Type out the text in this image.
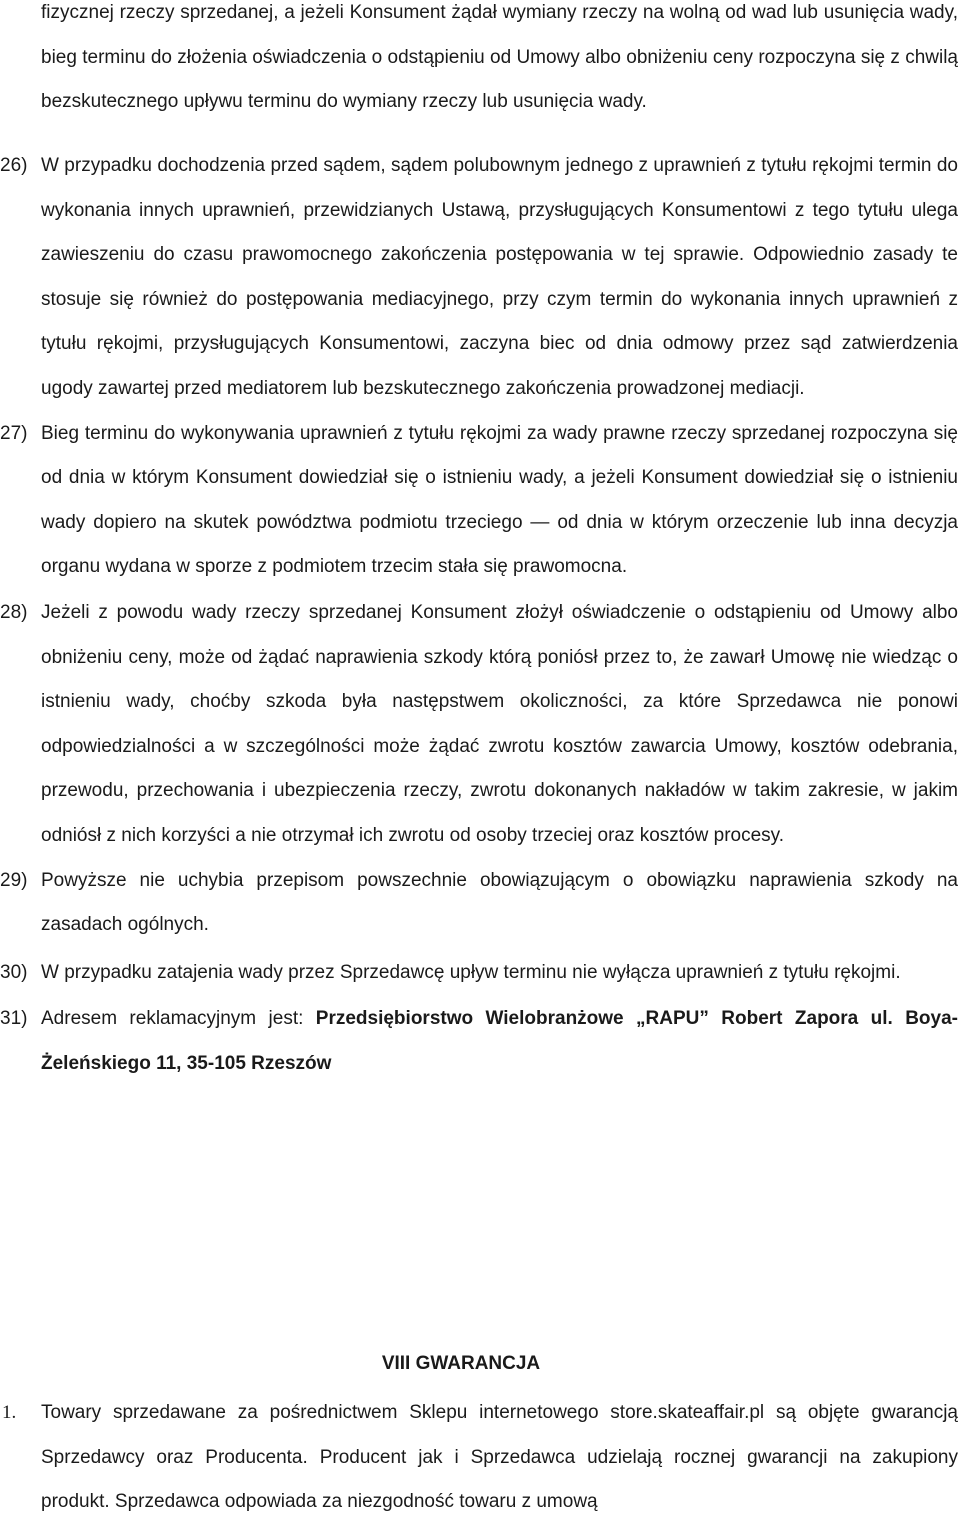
fizycznej rzeczy sprzedanej, a jeżeli Konsument żądał wymiany rzeczy na wolną od wad lub usunięcia wady, bieg terminu do złożenia oświadczenia o odstąpieniu od Umowy albo obniżeniu ceny rozpoczyna się z chwilą bezskutecznego upływu terminu do wymiany rzeczy lub usunięcia wady.
26) W przypadku dochodzenia przed sądem, sądem polubownym jednego z uprawnień z tytułu rękojmi termin do wykonania innych uprawnień, przewidzianych Ustawą, przysługujących Konsumentowi z tego tytułu ulega zawieszeniu do czasu prawomocnego zakończenia postępowania w tej sprawie. Odpowiednio zasady te stosuje się również do postępowania mediacyjnego, przy czym termin do wykonania innych uprawnień z tytułu rękojmi, przysługujących Konsumentowi, zaczyna biec od dnia odmowy przez sąd zatwierdzenia ugody zawartej przed mediatorem lub bezskutecznego zakończenia prowadzonej mediacji.
27) Bieg terminu do wykonywania uprawnień z tytułu rękojmi za wady prawne rzeczy sprzedanej rozpoczyna się od dnia w którym Konsument dowiedział się o istnieniu wady, a jeżeli Konsument dowiedział się o istnieniu wady dopiero na skutek powództwa podmiotu trzeciego — od dnia w którym orzeczenie lub inna decyzja organu wydana w sporze z podmiotem trzecim stała się prawomocna.
28) Jeżeli z powodu wady rzeczy sprzedanej Konsument złożył oświadczenie o odstąpieniu od Umowy albo obniżeniu ceny, może od żądać naprawienia szkody którą poniósł przez to, że zawarł Umowę nie wiedząc o istnieniu wady, choćby szkoda była następstwem okoliczności, za które Sprzedawca nie ponowi odpowiedzialności a w szczególności może żądać zwrotu kosztów zawarcia Umowy, kosztów odebrania, przewodu, przechowania i ubezpieczenia rzeczy, zwrotu dokonanych nakładów w takim zakresie, w jakim odniósł z nich korzyści a nie otrzymał ich zwrotu od osoby trzeciej oraz kosztów procesy.
29) Powyższe nie uchybia przepisom powszechnie obowiązującym o obowiązku naprawienia szkody na zasadach ogólnych.
30) W przypadku zatajenia wady przez Sprzedawcę upływ terminu nie wyłącza uprawnień z tytułu rękojmi.
31) Adresem reklamacyjnym jest: Przedsiębiorstwo Wielobranżowe „RAPU” Robert Zapora ul. Boya-Żeleńskiego 11, 35-105 Rzeszów
VIII GWARANCJA
1. Towary sprzedawane za pośrednictwem Sklepu internetowego store.skateaffair.pl są objęte gwarancją Sprzedawcy oraz Producenta. Producent jak i Sprzedawca udzielają rocznej gwarancji na zakupiony produkt. Sprzedawca odpowiada za niezgodność towaru z umową
